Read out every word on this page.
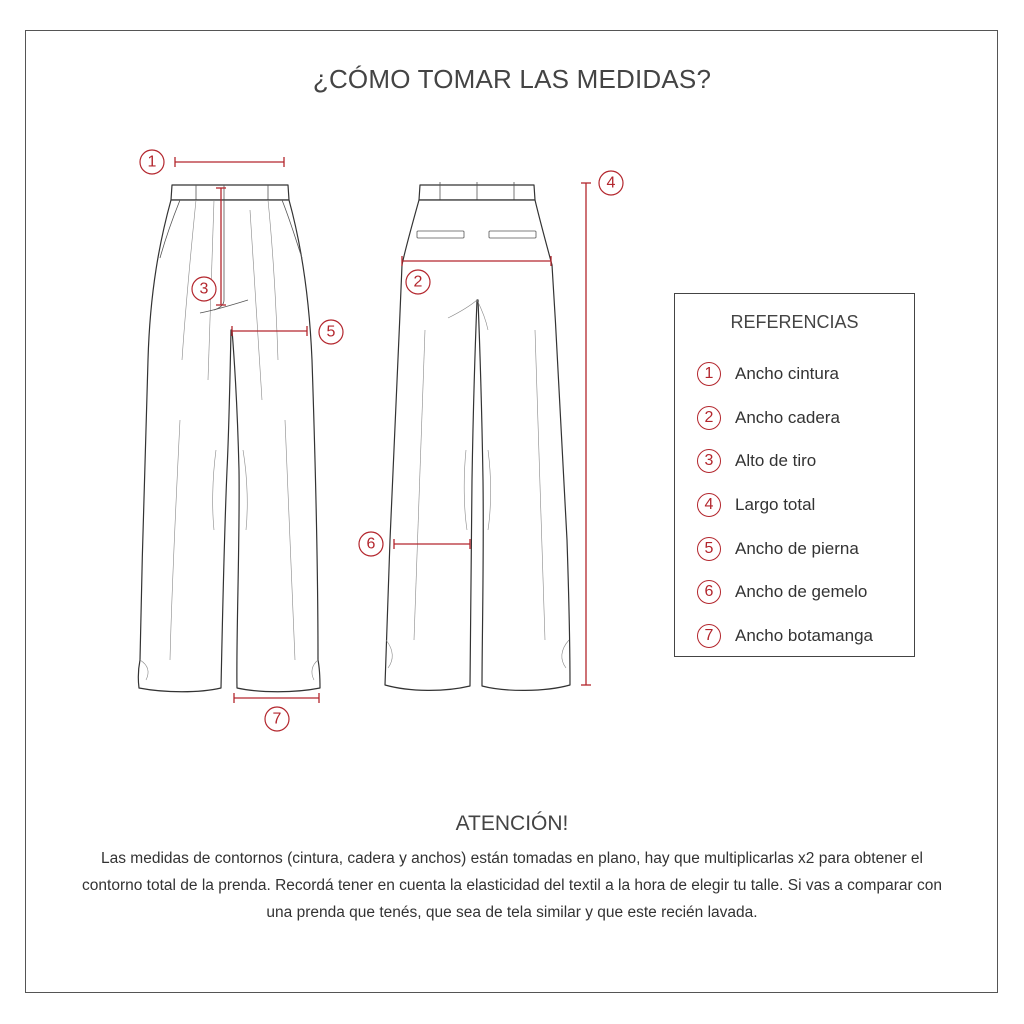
¿CÓMO TOMAR LAS MEDIDAS?
1
2
3
4
5
6
7
REFERENCIAS
1	Ancho cintura
2	Ancho cadera
3	Alto de tiro
4	Largo total
5	Ancho de pierna
6	Ancho de gemelo
7	Ancho botamanga
ATENCIÓN!
Las medidas de contornos (cintura, cadera y anchos) están tomadas en plano, hay que multiplicarlas x2 para obtener el contorno total de la prenda. Recordá tener en cuenta la elasticidad del textil a la hora de elegir tu talle. Si vas a comparar con una prenda que tenés, que sea de tela similar y que este recién lavada.
